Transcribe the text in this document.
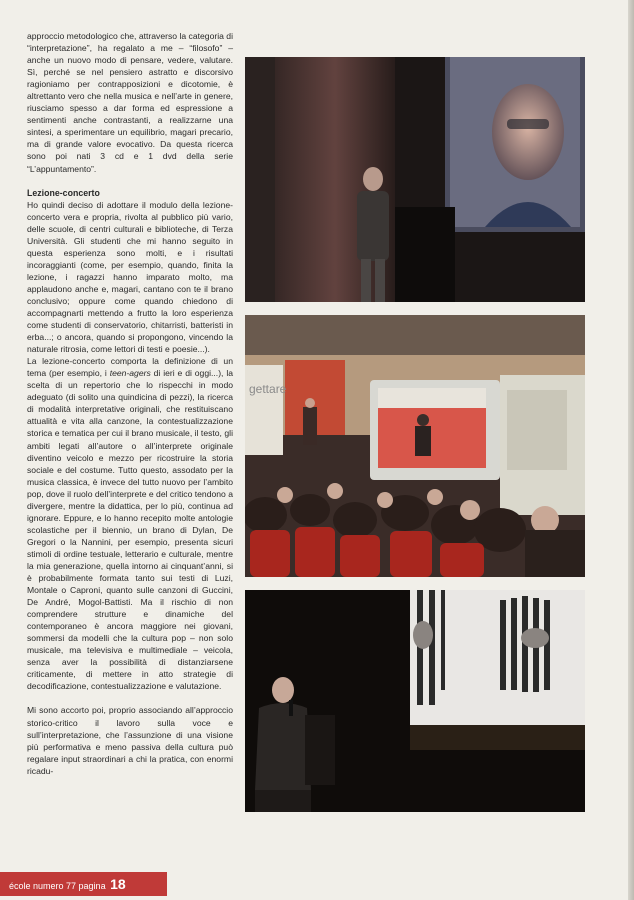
approccio metodologico che, attraverso la categoria di “interpretazione”, ha regalato a me – “filosofo” – anche un nuovo modo di pensare, vedere, valutare. Sì, perché se nel pensiero astratto e discorsivo ragioniamo per contrapposizioni e dicotomie, è altrettanto vero che nella musica e nell’arte in genere, riusciamo spesso a dar forma ed espressione a sentimenti anche contrastanti, a realizzarne una sintesi, a sperimentare un equilibrio, magari precario, ma di grande valore evocativo. Da questa ricerca sono poi nati 3 cd e 1 dvd della serie “L’appuntamento”.

Lezione-concerto

Ho quindi deciso di adottare il modulo della lezione-concerto vera e propria, rivolta al pubblico più vario, delle scuole, di centri culturali e biblioteche, di Terza Università. Gli studenti che mi hanno seguito in questa esperienza sono molti, e i risultati incoraggianti (come, per esempio, quando, finita la lezione, i ragazzi hanno imparato molto, ma applaudono anche e, magari, cantano con te il brano conclusivo; oppure come quando chiedono di accompagnarti mettendo a frutto la loro esperienza come studenti di conservatorio, chitarristi, batteristi in erba...; o ancora, quando si propongono, vincendo la naturale ritrosia, come lettori di testi e poesie...).

La lezione-concerto comporta la definizione di un tema (per esempio, i teen-agers di ieri e di oggi...), la scelta di un repertorio che lo rispecchi in modo adeguato (di solito una quindicina di pezzi), la ricerca di modalità interpretative originali, che restituiscano attualità e vita alla canzone, la contestualizzazione storica e tematica per cui il brano musicale, il testo, gli ambiti legati all’autore o all’interprete originale diventino veicolo e mezzo per ricostruire la storia sociale e del costume. Tutto questo, assodato per la musica classica, è invece del tutto nuovo per l’ambito pop, dove il ruolo dell’interprete e del critico tendono a divergere, mentre la didattica, per lo più, continua ad ignorare. Eppure, e lo hanno recepito molte antologie scolastiche per il biennio, un brano di Dylan, De Gregori o la Nannini, per esempio, presenta sicuri stimoli di ordine testuale, letterario e culturale, mentre la mia generazione, quella intorno ai cinquant’anni, si è probabilmente formata tanto sui testi di Luzi, Montale o Caproni, quanto sulle canzoni di Guccini, De André, Mogol-Battisti. Ma il rischio di non comprendere strutture e dinamiche del contemporaneo è ancora maggiore nei giovani, sommersi da modelli che la cultura pop – non solo musicale, ma televisiva e multimediale – veicola, senza aver la possibilità di distanziarsene criticamente, di mettere in atto strategie di decodificazione, contestualizzazione e valutazione.

Mi sono accorto poi, proprio associando all’approccio storico-critico il lavoro sulla voce e sull’interpretazione, che l’assunzione di una visione più performativa e meno passiva della cultura può regalare input straordinari a chi la pratica, con enormi ricadu-

gettare
école numero 77 pagina 18
